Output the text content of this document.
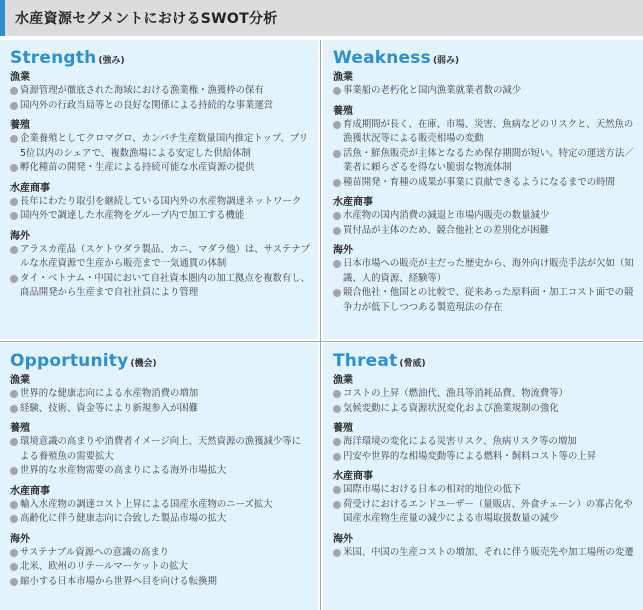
水産資源セグメントにおけるSWOT分析
Strength (強み)
漁業
資源管理が徹底された海域における漁業権・漁獲枠の保有
国内外の行政当局等との良好な関係による持続的な事業運営
養殖
企業養殖としてクロマグロ、カンパチ生産数量国内推定トップ、ブリ5位以内のシェアで、複数漁場による安定した供給体制
孵化種苗の開発・生産による持続可能な水産資源の提供
水産商事
長年にわたり取引を継続している国内外の水産物調達ネットワーク
国内外で調達した水産物をグループ内で加工する機能
海外
アラスカ産品（スケトウダラ製品、カニ、マダラ他）は、サステナブルな水産資源で生産から販売まで一気通貫の体制
タイ・ベトナム・中国において自社資本圏内の加工拠点を複数有し、商品開発から生産まで自社社員により管理
Weakness (弱み)
漁業
事業船の老朽化と国内漁業就業者数の減少
養殖
育成期間が長く、在庫、市場、災害、魚病などのリスクと、天然魚の漁獲状況等による販売相場の変動
活魚・鮮魚販売が主体となるため保存期間が短い。特定の運送方法／業者に頼らざるを得ない脆弱な物流体制
種苗開発・育種の成果が事業に貢献できるようになるまでの時間
水産商事
水産物の国内消費の減退と市場内販売の数量減少
買付品が主体のため、競合他社との差別化が困難
海外
日本市場への販売が主だった歴史から、海外向け販売手法が欠如（知識、人的資源、経験等）
競合他社・他国との比較で、従来あった原料面・加工コスト面での競争力が低下しつつある製造現法の存在
Opportunity (機会)
漁業
世界的な健康志向による水産物消費の増加
経験、技術、資金等により新規参入が困難
養殖
環境意識の高まりや消費者イメージ向上、天然資源の漁獲減少等による養殖魚の需要拡大
世界的な水産物需要の高まりによる海外市場拡大
水産商事
輸入水産物の調達コスト上昇による国産水産物のニーズ拡大
高齢化に伴う健康志向に合致した製品市場の拡大
海外
サステナブル資源への意識の高まり
北米、欧州のリテールマーケットの拡大
縮小する日本市場から世界へ目を向ける転換期
Threat (脅威)
漁業
コストの上昇（燃油代、漁具等消耗品費、物流費等）
気候変動による資源状況変化および漁業規制の強化
養殖
海洋環境の変化による災害リスク、魚病リスク等の増加
円安や世界的な相場変動等による燃料・飼料コスト等の上昇
水産商事
国際市場における日本の相対的地位の低下
荷受けにおけるエンドユーザー（量販店、外食チェーン）の寡占化や国産水産物生産量の減少による市場取扱数量の減少
海外
米国、中国の生産コストの増加、それに伴う販売先や加工場所の変遷
